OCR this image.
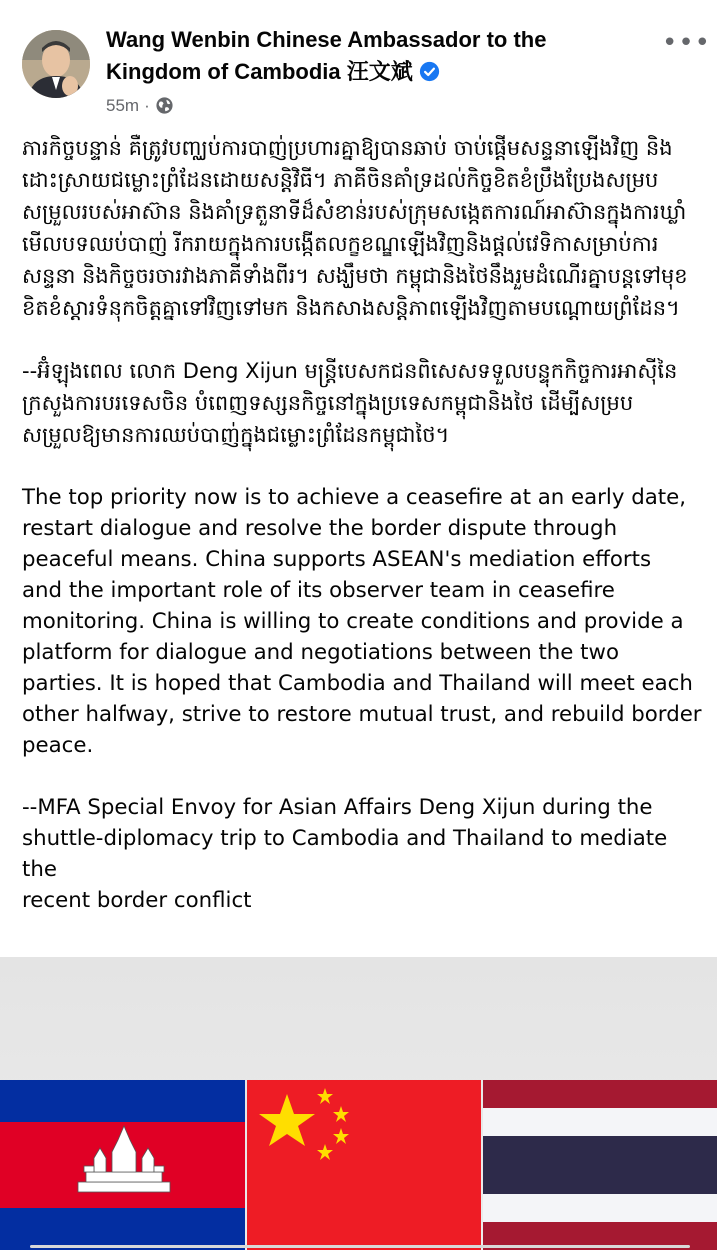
Wang Wenbin Chinese Ambassador to the Kingdom of Cambodia 汪文斌
•••
55m ·

ភារកិច្ចបន្ទាន់ គឺត្រូវបញ្ឈប់ការបាញ់ប្រហារគ្នាឱ្យបានឆាប់ ចាប់ផ្ដើមសន្ទនាឡើងវិញ និងដោះស្រាយជម្លោះព្រំដែនដោយសន្តិវិធី។ ភាគីចិនគាំទ្រដល់កិច្ចខិតខំប្រឹងប្រែងសម្របសម្រួលរបស់អាស៊ាន និងគាំទ្រតួនាទីដ៏សំខាន់របស់ក្រុមសង្កេតការណ៍អាស៊ានក្នុងការឃ្លាំមើលបទឈប់បាញ់ រីករាយក្នុងការបង្កើតលក្ខខណ្ឌឡើងវិញនិងផ្ដល់វេទិកាសម្រាប់ការសន្ទនា និងកិច្ចចរចារវាងភាគីទាំងពីរ។ សង្ឃឹមថា កម្ពុជានិងថៃនឹងរួមដំណើរគ្នាបន្តទៅមុខ ខិតខំស្តារទំនុកចិត្តគ្នាទៅវិញទៅមក និងកសាងសន្តិភាពឡើងវិញតាមបណ្ដោយព្រំដែន។

--អ៊ំឡុងពេល លោក Deng Xijun មន្ត្រីបេសកជនពិសេសទទួលបន្ទុកកិច្ចការអាស៊ីនៃក្រសួងការបរទេសចិន បំពេញទស្សនកិច្ចនៅក្នុងប្រទេសកម្ពុជានិងថៃ ដើម្បីសម្របសម្រួលឱ្យមានការឈប់បាញ់ក្នុងជម្លោះព្រំដែនកម្ពុជាថៃ។

The top priority now is to achieve a ceasefire at an early date,
restart dialogue and resolve the border dispute through
peaceful means. China supports ASEAN's mediation efforts
and the important role of its observer team in ceasefire
monitoring. China is willing to create conditions and provide a
platform for dialogue and negotiations between the two
parties. It is hoped that Cambodia and Thailand will meet each
other halfway, strive to restore mutual trust, and rebuild border
peace.

--MFA Special Envoy for Asian Affairs Deng Xijun during the
shuttle-diplomacy trip to Cambodia and Thailand to mediate the
recent border conflict
